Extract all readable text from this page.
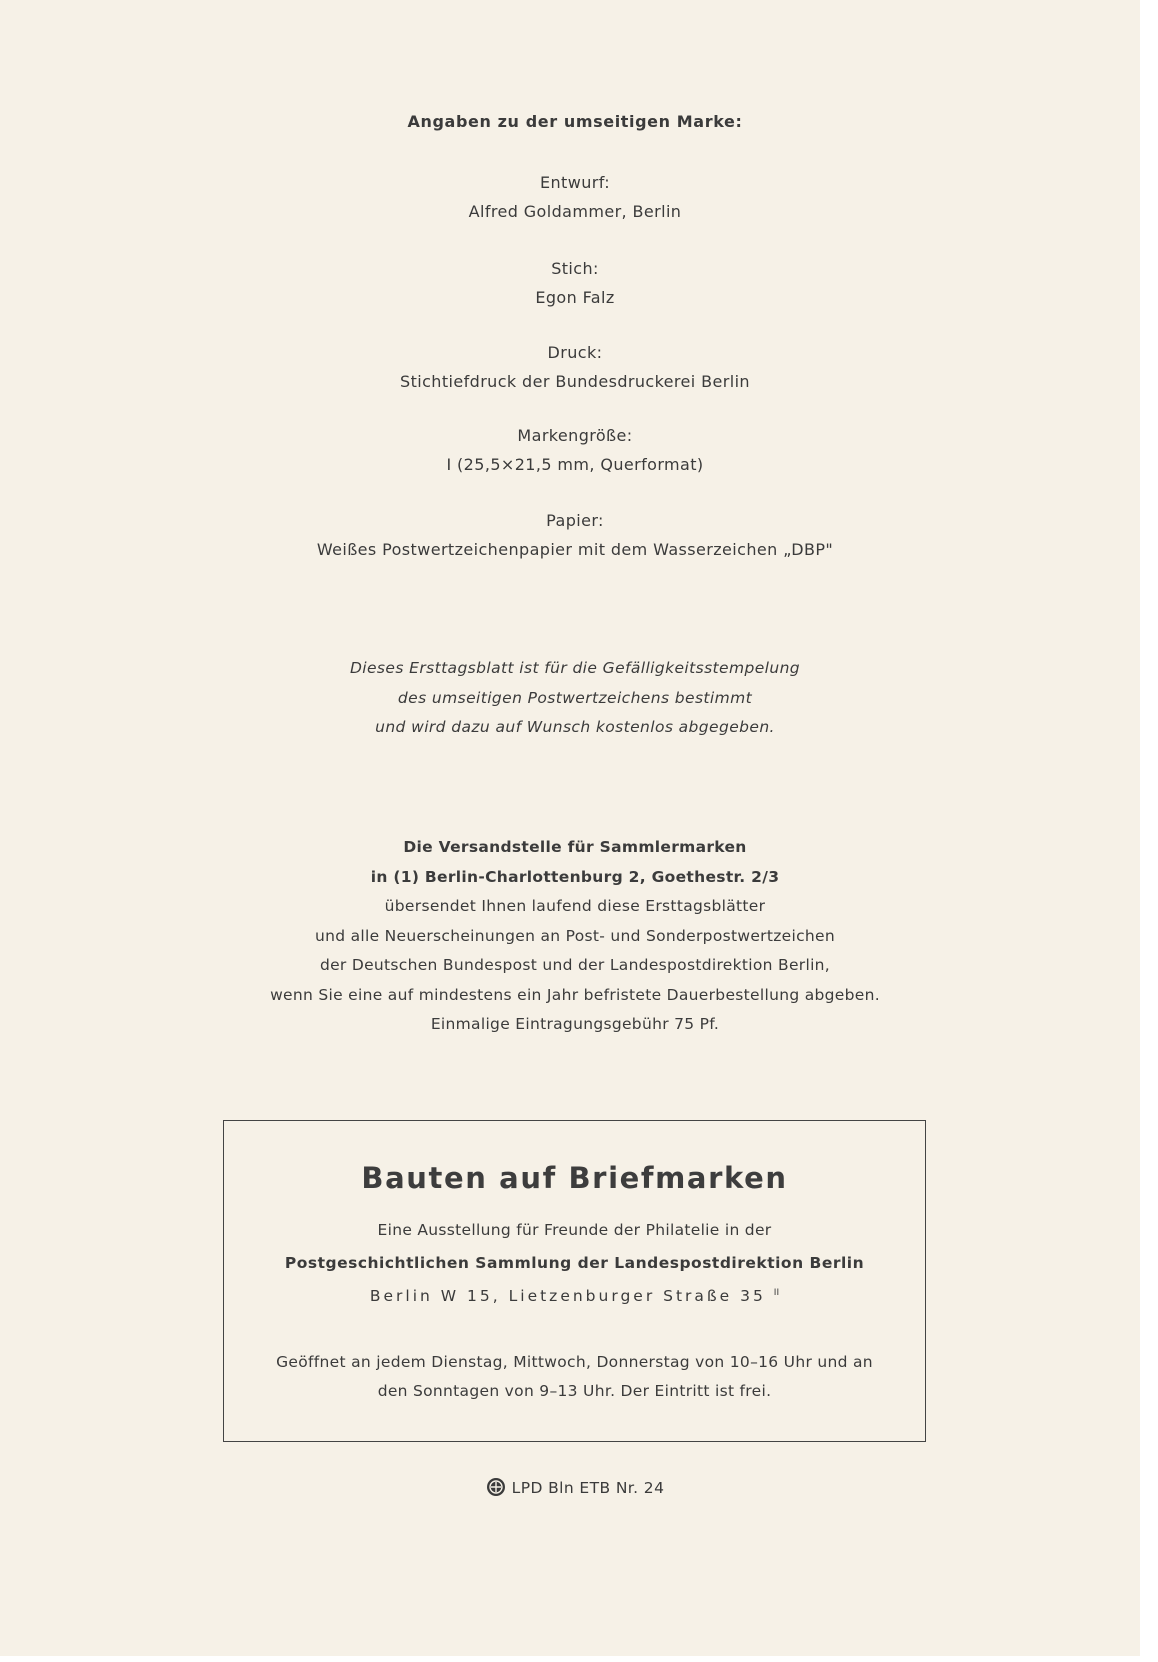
Angaben zu der umseitigen Marke:
Entwurf:
Alfred Goldammer, Berlin
Stich:
Egon Falz
Druck:
Stichtiefdruck der Bundesdruckerei Berlin
Markengröße:
I (25,5×21,5 mm, Querformat)
Papier:
Weißes Postwertzeichenpapier mit dem Wasserzeichen „DBP"
Dieses Ersttagsblatt ist für die Gefälligkeitsstempelung
des umseitigen Postwertzeichens bestimmt
und wird dazu auf Wunsch kostenlos abgegeben.
Die Versandstelle für Sammlermarken
in (1) Berlin-Charlottenburg 2, Goethestr. 2/3
übersendet Ihnen laufend diese Ersttagsblätter
und alle Neuerscheinungen an Post- und Sonderpostwertzeichen
der Deutschen Bundespost und der Landespostdirektion Berlin,
wenn Sie eine auf mindestens ein Jahr befristete Dauerbestellung abgeben.
Einmalige Eintragungsgebühr 75 Pf.
Bauten auf Briefmarken
Eine Ausstellung für Freunde der Philatelie in der
Postgeschichtlichen Sammlung der Landespostdirektion Berlin
Berlin W 15, Lietzenburger Straße 35 $^{II}$
Geöffnet an jedem Dienstag, Mittwoch, Donnerstag von 10–16 Uhr und an
den Sonntagen von 9–13 Uhr. Der Eintritt ist frei.
LPD Bln ETB Nr. 24
